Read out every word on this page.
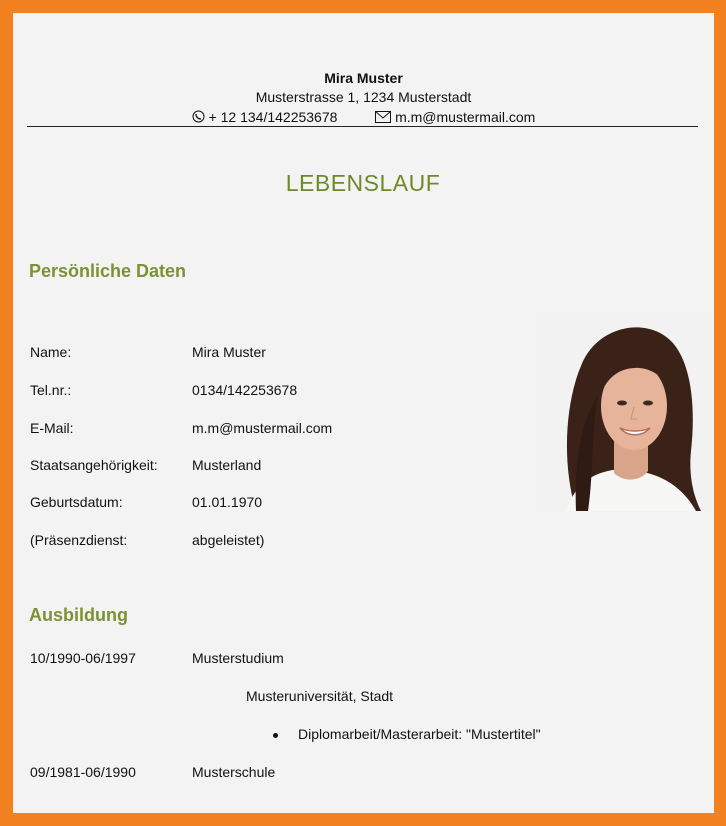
Mira Muster
Musterstrasse 1, 1234 Musterstadt
+ 12 134/142253678	m.m@mustermail.com
LEBENSLAUF
Persönliche Daten
Name:	Mira Muster
Tel.nr.:	0134/142253678
E-Mail:	m.m@mustermail.com
Staatsangehörigkeit: Musterland
Geburtsdatum:	01.01.1970
(Präsenzdienst:	abgeleistet)
Ausbildung
10/1990-06/1997	Musterstudium
Musteruniversität, Stadt
Diplomarbeit/Masterarbeit: "Mustertitel"
09/1981-06/1990	Musterschule
